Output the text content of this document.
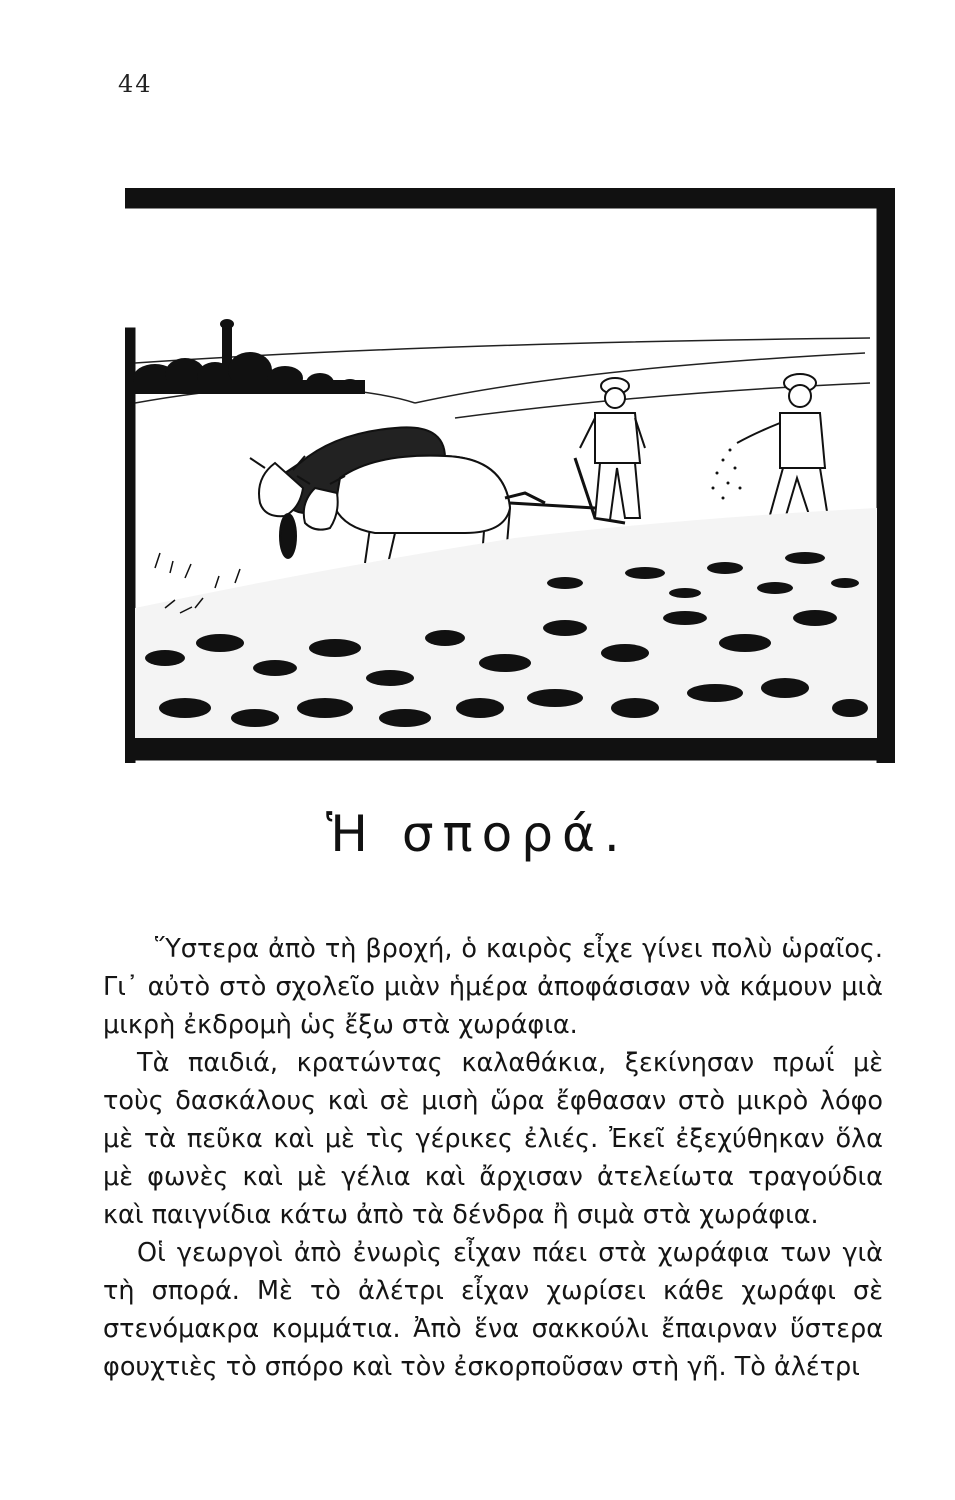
44
Ἡ σπορά.

Ὕστερα ἀπὸ τὴ βροχή, ὁ καιρὸς εἶχε γίνει πολὺ ὡραῖος. Γι᾿ αὐτὸ στὸ σχολεῖο μιὰν ἡμέρα ἀποφάσισαν νὰ κάμουν μιὰ μικρὴ ἐκδρομὴ ὡς ἔξω στὰ χωράφια.

Τὰ παιδιά, κρατώντας καλαθάκια, ξεκίνησαν πρωΐ μὲ τοὺς δασκάλους καὶ σὲ μισὴ ὥρα ἔφθασαν στὸ μικρὸ λόφο μὲ τὰ πεῦκα καὶ μὲ τὶς γέρικες ἐλιές. Ἐκεῖ ἐξεχύθηκαν ὅλα μὲ φωνὲς καὶ μὲ γέλια καὶ ἄρχισαν ἀτελείωτα τραγούδια καὶ παιγνίδια κάτω ἀπὸ τὰ δένδρα ἢ σιμὰ στὰ χωράφια.

Οἱ γεωργοὶ ἀπὸ ἐνωρὶς εἶχαν πάει στὰ χωράφια των γιὰ τὴ σπορά. Μὲ τὸ ἀλέτρι εἶχαν χωρίσει κάθε χωράφι σὲ στενόμακρα κομμάτια. Ἀπὸ ἕνα σακκούλι ἔπαιρναν ὕστερα φουχτιὲς τὸ σπόρο καὶ τὸν ἐσκορποῦσαν στὴ γῆ. Τὸ ἀλέτρι
